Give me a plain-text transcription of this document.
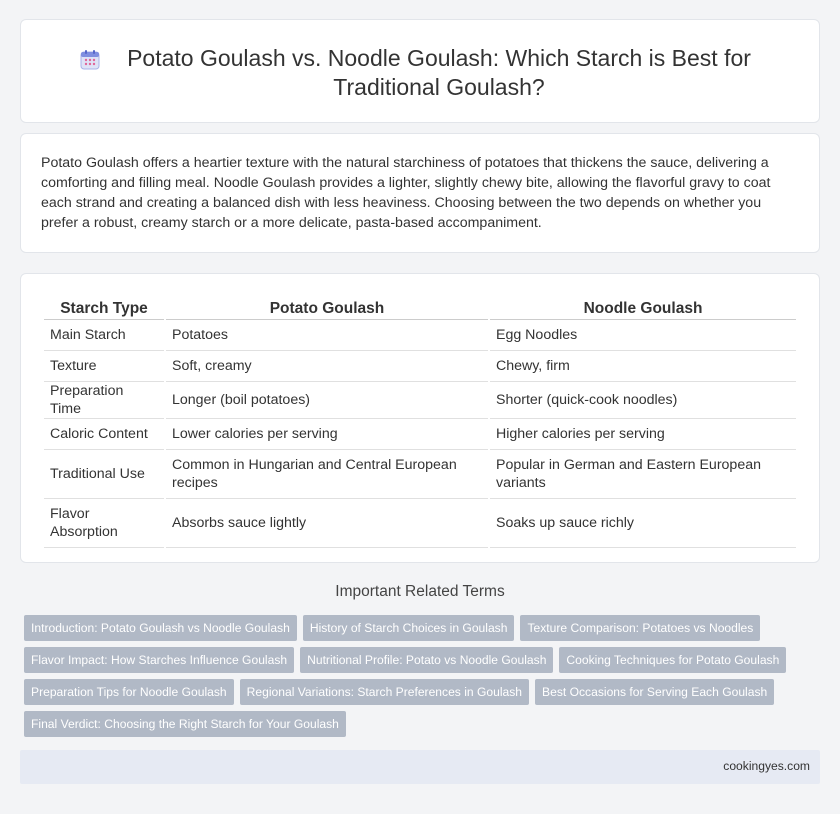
Potato Goulash vs. Noodle Goulash: Which Starch is Best for Traditional Goulash?

Potato Goulash offers a heartier texture with the natural starchiness of potatoes that thickens the sauce, delivering a comforting and filling meal. Noodle Goulash provides a lighter, slightly chewy bite, allowing the flavorful gravy to coat each strand and creating a balanced dish with less heaviness. Choosing between the two depends on whether you prefer a robust, creamy starch or a more delicate, pasta-based accompaniment.

Starch Type	Potato Goulash	Noodle Goulash
Main Starch	Potatoes	Egg Noodles
Texture	Soft, creamy	Chewy, firm
Preparation Time	Longer (boil potatoes)	Shorter (quick-cook noodles)
Caloric Content	Lower calories per serving	Higher calories per serving
Traditional Use	Common in Hungarian and Central European recipes	Popular in German and Eastern European variants
Flavor Absorption	Absorbs sauce lightly	Soaks up sauce richly
Important Related Terms
Introduction: Potato Goulash vs Noodle Goulash	History of Starch Choices in Goulash	Texture Comparison: Potatoes vs Noodles
Flavor Impact: How Starches Influence Goulash	Nutritional Profile: Potato vs Noodle Goulash	Cooking Techniques for Potato Goulash
Preparation Tips for Noodle Goulash	Regional Variations: Starch Preferences in Goulash	Best Occasions for Serving Each Goulash
Final Verdict: Choosing the Right Starch for Your Goulash
cookingyes.com
